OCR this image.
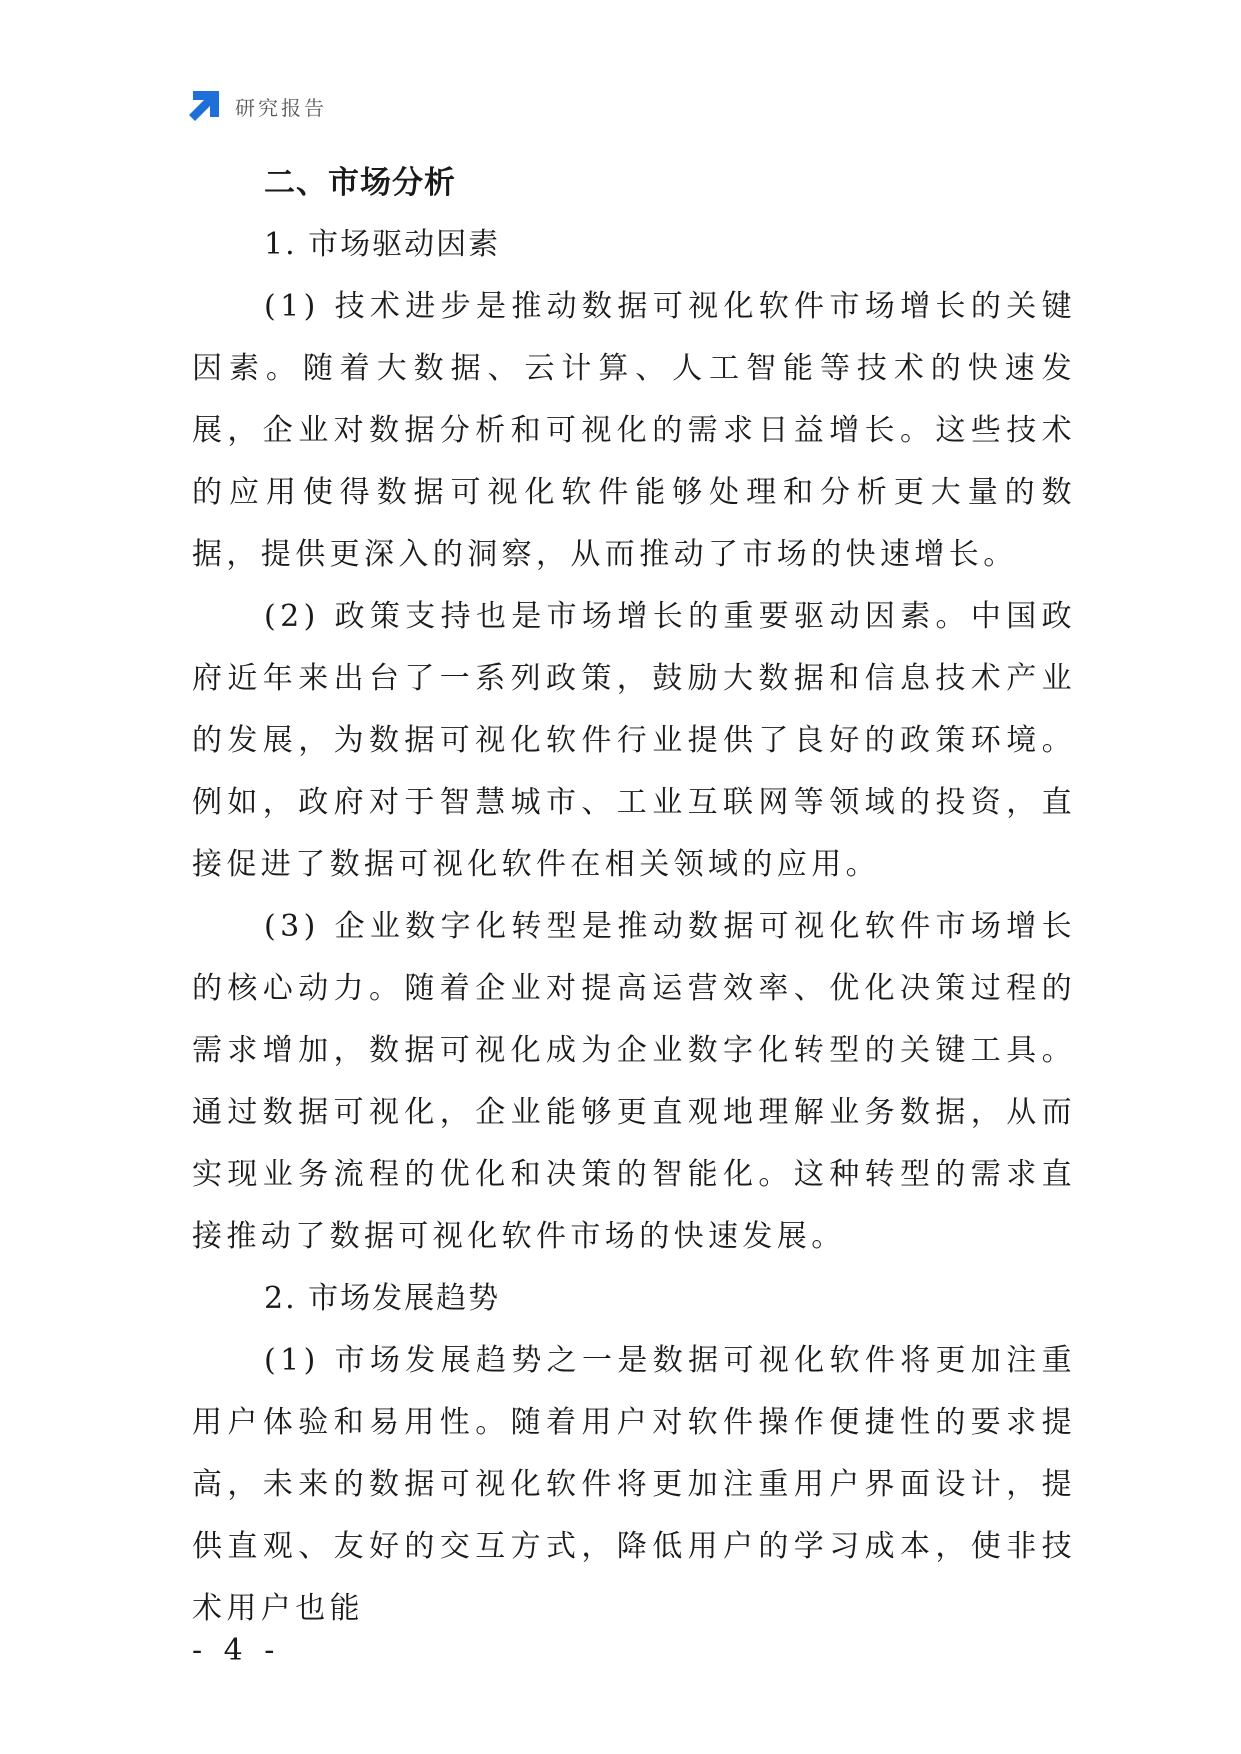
研究报告
二、市场分析
1. 市场驱动因素

(1) 技术进步是推动数据可视化软件市场增长的关键因素。随着大数据、云计算、人工智能等技术的快速发展，企业对数据分析和可视化的需求日益增长。这些技术的应用使得数据可视化软件能够处理和分析更大量的数据，提供更深入的洞察，从而推动了市场的快速增长。

(2) 政策支持也是市场增长的重要驱动因素。中国政府近年来出台了一系列政策，鼓励大数据和信息技术产业的发展，为数据可视化软件行业提供了良好的政策环境。例如，政府对于智慧城市、工业互联网等领域的投资，直接促进了数据可视化软件在相关领域的应用。

(3) 企业数字化转型是推动数据可视化软件市场增长的核心动力。随着企业对提高运营效率、优化决策过程的需求增加，数据可视化成为企业数字化转型的关键工具。通过数据可视化，企业能够更直观地理解业务数据，从而实现业务流程的优化和决策的智能化。这种转型的需求直接推动了数据可视化软件市场的快速发展。

2. 市场发展趋势

(1) 市场发展趋势之一是数据可视化软件将更加注重用户体验和易用性。随着用户对软件操作便捷性的要求提高，未来的数据可视化软件将更加注重用户界面设计，提供直观、友好的交互方式，降低用户的学习成本，使非技术用户也能

- 4 -
